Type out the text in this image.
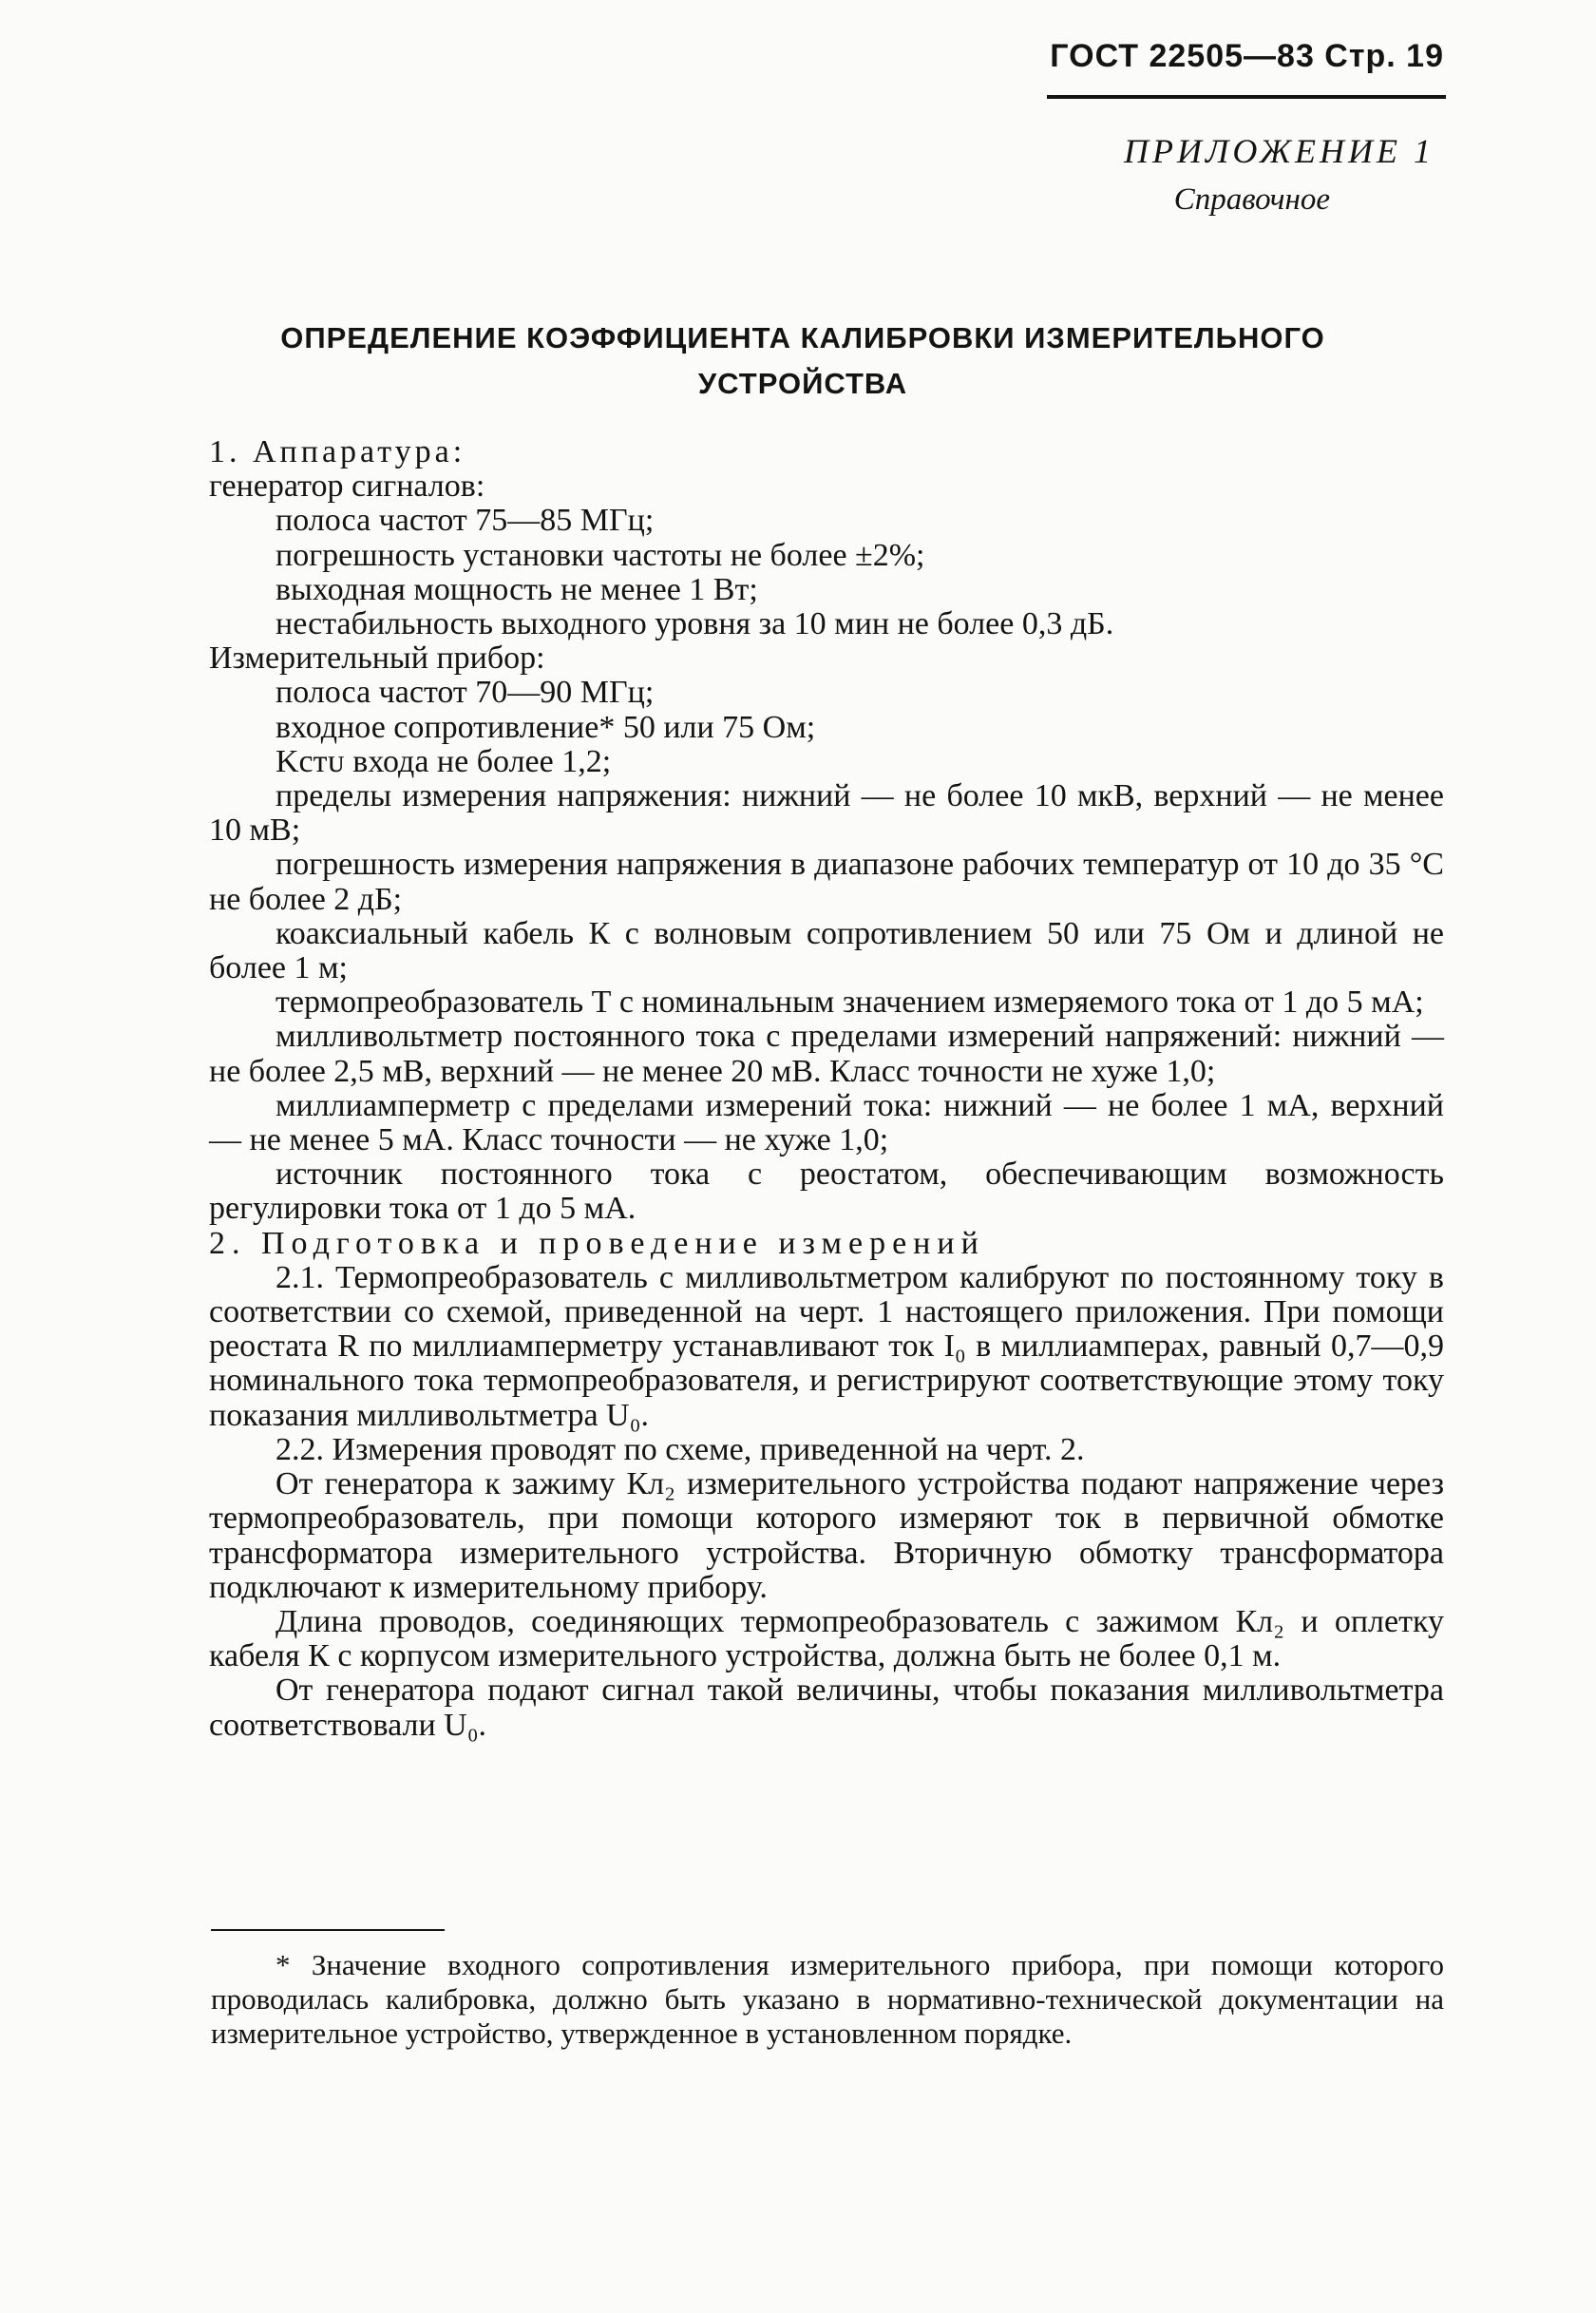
ГОСТ 22505—83 Стр. 19
ПРИЛОЖЕНИЕ 1
Справочное
ОПРЕДЕЛЕНИЕ КОЭФФИЦИЕНТА КАЛИБРОВКИ ИЗМЕРИТЕЛЬНОГО
УСТРОЙСТВА

1. Аппаратура:

генератор сигналов:

полоса частот 75—85 МГц;

погрешность установки частоты не более ±2%;

выходная мощность не менее 1 Вт;

нестабильность выходного уровня за 10 мин не более 0,3 дБ.

Измерительный прибор:

полоса частот 70—90 МГц;

входное сопротивление* 50 или 75 Ом;

Kстᴜ входа не более 1,2;

пределы измерения напряжения: нижний — не более 10 мкВ, верхний — не менее 10 мВ;

погрешность измерения напряжения в диапазоне рабочих температур от 10 до 35 °С не более 2 дБ;

коаксиальный кабель К с волновым сопротивлением 50 или 75 Ом и длиной не более 1 м;

термопреобразователь Т с номинальным значением измеряемого тока от 1 до 5 мА;

милливольтметр постоянного тока с пределами измерений напряжений: нижний — не более 2,5 мВ, верхний — не менее 20 мВ. Класс точности не хуже 1,0;

миллиамперметр с пределами измерений тока: нижний — не более 1 мА, верхний — не менее 5 мА. Класс точности — не хуже 1,0;

источник постоянного тока с реостатом, обеспечивающим возможность регулировки тока от 1 до 5 мА.

2. Подготовка и проведение измерений

2.1. Термопреобразователь с милливольтметром калибруют по постоянному току в соответствии со схемой, приведенной на черт. 1 настоящего приложения. При помощи реостата R по миллиамперметру устанавливают ток I₀ в миллиамперах, равный 0,7—0,9 номинального тока термопреобразователя, и регистрируют соответствующие этому току показания милливольтметра U₀.

2.2. Измерения проводят по схеме, приведенной на черт. 2.

От генератора к зажиму Кл₂ измерительного устройства подают напряжение через термопреобразователь, при помощи которого измеряют ток в первичной обмотке трансформатора измерительного устройства. Вторичную обмотку трансформатора подключают к измерительному прибору.

Длина проводов, соединяющих термопреобразователь с зажимом Кл₂ и оплетку кабеля К с корпусом измерительного устройства, должна быть не более 0,1 м.

От генератора подают сигнал такой величины, чтобы показания милливольтметра соответствовали U₀.

* Значение входного сопротивления измерительного прибора, при помощи которого проводилась калибровка, должно быть указано в нормативно-технической документации на измерительное устройство, утвержденное в установленном порядке.
